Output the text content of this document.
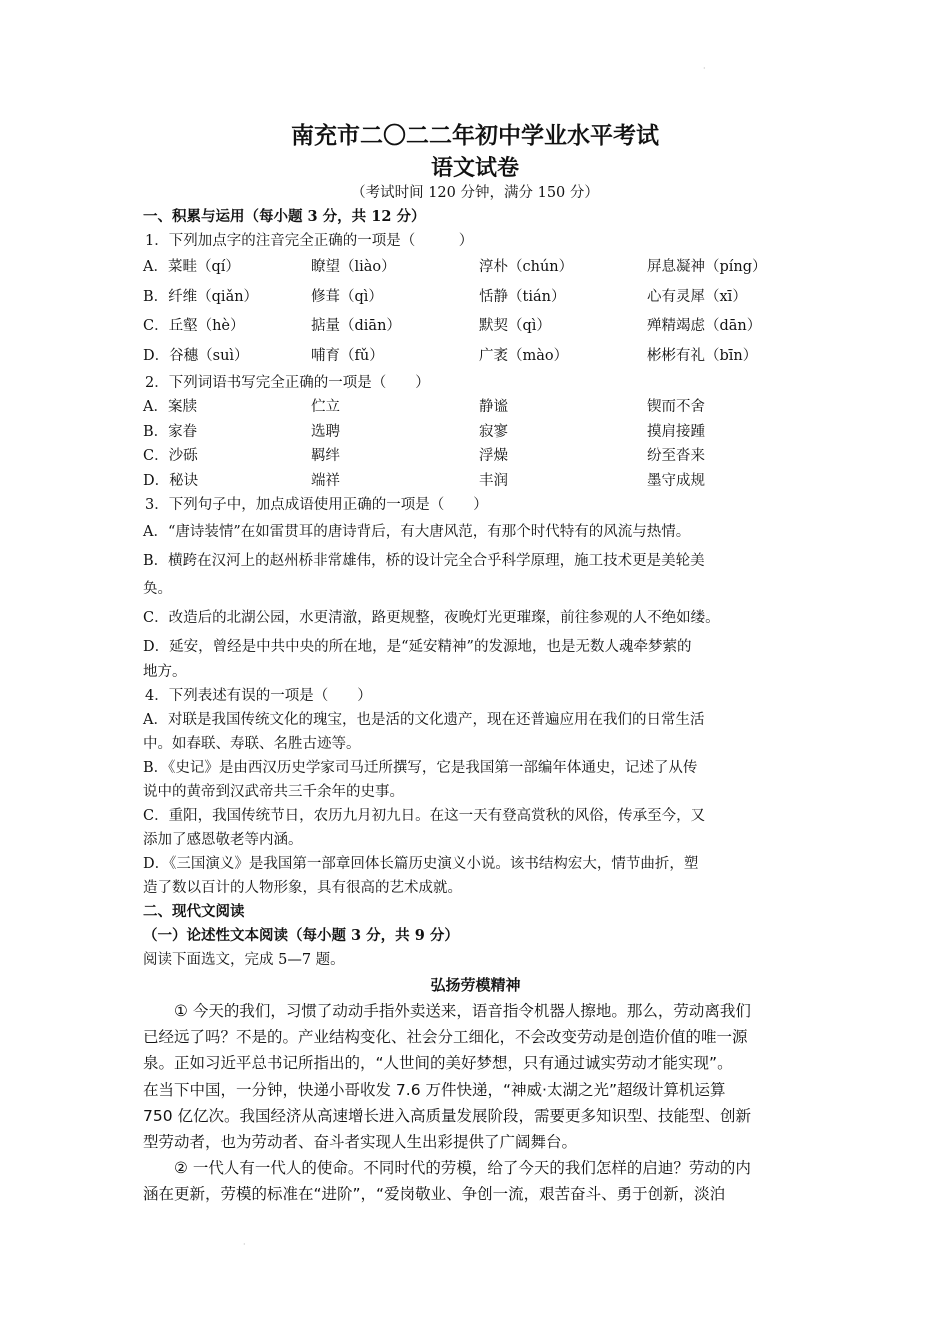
·
南充市二〇二二年初中学业水平考试
语文试卷
（考试时间 120 分钟，满分 150 分）
一、积累与运用（每小题 3 分，共 12 分）
1．下列加点字的注音完全正确的一项是（　　　）
A．菜畦（qí）	瞭望（liào）	淳朴（chún）	屏息凝神（píng）
B．纤维（qiǎn）	修葺（qì）	恬静（tián）	心有灵犀（xī）
C．丘壑（hè）	掂量（diān）	默契（qì）	殚精竭虑（dān）
D．谷穗（suì）	哺育（fǔ）	广袤（mào）	彬彬有礼（bīn）
2．下列词语书写完全正确的一项是（　　）
A．案牍	伫立	静谧	锲而不舍
B．家眷	选聘	寂寥	摸肩接踵
C．沙砾	羁绊	浮燥	纷至沓来
D．秘诀	端祥	丰润	墨守成规
3．下列句子中，加点成语使用正确的一项是（　　）
A．“唐诗装情”在如雷贯耳的唐诗背后，有大唐风范，有那个时代特有的风流与热情。
B．横跨在汉河上的赵州桥非常雄伟，桥的设计完全合乎科学原理，施工技术更是美轮美
奂。
C．改造后的北湖公园，水更清澈，路更规整，夜晚灯光更璀璨，前往参观的人不绝如缕。
D．延安，曾经是中共中央的所在地，是“延安精神”的发源地，也是无数人魂牵梦萦的
地方。
4．下列表述有误的一项是（　　）
A．对联是我国传统文化的瑰宝，也是活的文化遗产，现在还普遍应用在我们的日常生活
中。如春联、寿联、名胜古迹等。
B．《史记》是由西汉历史学家司马迁所撰写，它是我国第一部编年体通史，记述了从传
说中的黄帝到汉武帝共三千余年的史事。
C．重阳，我国传统节日，农历九月初九日。在这一天有登高赏秋的风俗，传承至今，又
添加了感恩敬老等内涵。
D．《三国演义》是我国第一部章回体长篇历史演义小说。该书结构宏大，情节曲折，塑
造了数以百计的人物形象，具有很高的艺术成就。
二、现代文阅读
（一）论述性文本阅读（每小题 3 分，共 9 分）
阅读下面选文，完成 5—7 题。
弘扬劳模精神
　　① 今天的我们，习惯了动动手指外卖送来，语音指令机器人擦地。那么，劳动离我们
已经远了吗？不是的。产业结构变化、社会分工细化，不会改变劳动是创造价值的唯一源
泉。正如习近平总书记所指出的，“人世间的美好梦想，只有通过诚实劳动才能实现”。
在当下中国，一分钟，快递小哥收发 7.6 万件快递，“神威·太湖之光”超级计算机运算
750 亿亿次。我国经济从高速增长进入高质量发展阶段，需要更多知识型、技能型、创新
型劳动者，也为劳动者、奋斗者实现人生出彩提供了广阔舞台。
　　② 一代人有一代人的使命。不同时代的劳模，给了今天的我们怎样的启迪？劳动的内
涵在更新，劳模的标准在“进阶”，“爱岗敬业、争创一流，艰苦奋斗、勇于创新，淡泊
·
